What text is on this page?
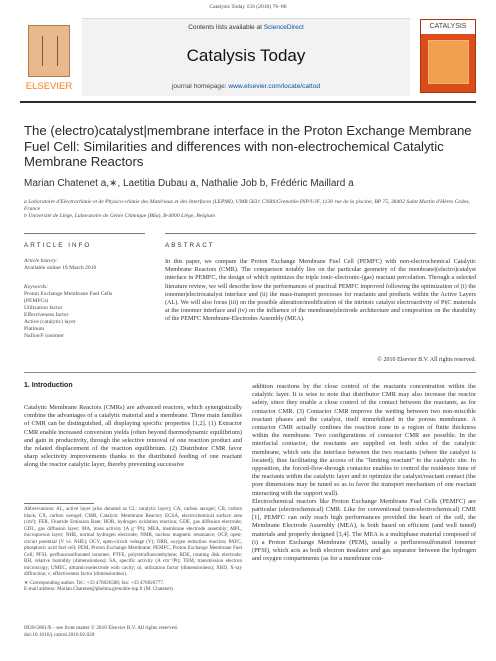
Catalysis Today 156 (2010) 76–86
ELSEVIER
Contents lists available at ScienceDirect
Catalysis Today
journal homepage: www.elsevier.com/locate/cattod
CATALYSIS
The (electro)catalyst|membrane interface in the Proton Exchange Membrane Fuel Cell: Similarities and differences with non-electrochemical Catalytic Membrane Reactors
Marian Chatenet a,∗, Laetitia Dubau a, Nathalie Job b, Frédéric Maillard a
a Laboratoire d'Electrochimie et de Physico-chimie des Matériaux et des Interfaces (LEPMI), UMR 5631 CNRS/Grenoble-INP/UJF, 1130 rue de la piscine, BP 75, 38402 Saint Martin d'Hères Cedex, France
b Université de Liège, Laboratoire de Génie Chimique (B6a), B-4000 Liège, Belgium
ARTICLE INFO	ABSTRACT
Article history:
Available online 19 March 2010
Keywords:
Proton Exchange Membrane Fuel Cells
(PEMFCs)
Utilization factor
Effectiveness factor
Active (catalytic) layer
Platinum
Nafion® ionomer
In this paper, we compare the Proton Exchange Membrane Fuel Cell (PEMFC) with non-electrochemical Catalytic Membrane Reactors (CMR). The comparison notably lies on the particular geometry of the membrane|(electro)catalyst interface in PEMFC, the design of which optimizes the triple ionic-electronic-(gas) reactant percolation. Through a selected literature review, we will describe how the performances of practical PEMFC improved following the optimization of (i) the ionomer|electrocatalyst interface and (ii) the mass-transport processes for reactants and products within the Active Layers (AL). We will also focus (iii) on the possible alteration/modification of the intrinsic catalyst electroactivity of Pt|C materials at the ionomer interface and (iv) on the influence of the membrane|electrode architecture and composition on the durability of the PEMFC Membrane-Electrodes Assembly (MEA).
© 2010 Elsevier B.V. All rights reserved.
1. Introduction
Catalytic Membrane Reactors (CMRs) are advanced reactors, which synergistically combine the advantages of a catalytic material and a membrane. Three main families of CMR can be distinguished, all displaying specific properties [1,2]. (1) Extractor CMR enable increased conversion yields (often beyond thermodynamic equilibrium) and gain in productivity, through the selective removal of one reaction product and the related displacement of the reaction equilibrium. (2) Distributor CMR favor sharp selectivity improvements thanks to the distributed feeding of one reactant along the reactor catalytic layer, thereby preventing successive
addition reactions by the close control of the reactants concentration within the catalytic layer. It is wise to note that distributor CMR may also increase the reactor safety, since they enable a close control of the contact between the reactants, as for contactor CMR. (3) Contactor CMR improve the wetting between two non-miscible reactant phases and the catalyst, itself immobilized in the porous membrane. A contactor CMR actually confines the reaction zone in a region of finite thickness within the membrane. Two configurations of contactor CMR are possible. In the interfacial contactor, the reactants are supplied on both sides of the catalytic membrane, which sets the interface between the two reactants (where the catalyst is located), thus facilitating the access of the "limiting reactant" to the catalytic site. In opposition, the forced-flow-through contactor enables to control the residence time of the reactants within the catalytic layer and to optimize the catalyst/reactant contact (the pore dimensions may be tuned so as to favor the transport mechanism of one reactant interacting with the support wall).
Electrochemical reactors like Proton Exchange Membrane Fuel Cells (PEMFC) are particular (electrochemical) CMR. Like for conventional (non-electrochemical) CMR [1], PEMFC can only reach high performances provided the heart of the cell, the Membrane Electrode Assembly (MEA), is both based on efficient (and well tuned) materials and properly designed [3,4]. The MEA is a multiphase material composed of (i) a Proton Exchange Membrane (PEM), usually a perfluorosulfonated ionomer (PFSI), which acts as both electron insulator and gas separator between the hydrogen and oxygen compartments (as for a membrane con-
Abbreviations: AL, active layer (also denoted as CL: catalytic layer); CA, carbon aerogel; CB, carbon black; CX, carbon xerogel; CMR, Catalytic Membrane Reactor; ECSA, electrochemical surface area (cm²); FER, Fluoride Emission Rate; HOR, hydrogen oxidation reaction; GDE, gas diffusion electrode; GDL, gas diffusion layer; MA, mass activity (A g⁻¹Pt); MEA, membrane electrode assembly; MPL, microporous layer; NHE, normal hydrogen electrode; NMR, nuclear magnetic resonance; OCP, open-circuit potential (V vs. NHE); OCV, open-circuit voltage (V); ORR, oxygen reduction reaction; PAFC, phosphoric acid fuel cell; PEM, Proton Exchange Membrane; PEMFC, Proton Exchange Membrane Fuel Cell; PFSI, perfluorosulfonated ionomer; PTFE, polytetrafluoroethylene; RDE, rotating disk electrode; RH, relative humidity (dimensionless); SA, specific activity (A cm⁻²Pt); TEM, transmission electron microscopy; UMEC, ultramicroelectrode with cavity; αi, utilization factor (dimensionless); XRD, X-ray diffraction; ε, effectiveness factor (dimensionless).
∗ Corresponding author. Tel.: +33 476826588; fax: +33 476826777.
E-mail address: Marian.Chatenet@phelma.grenoble-inp.fr (M. Chatenet).
0920-5861/$ – see front matter © 2010 Elsevier B.V. All rights reserved.
doi:10.1016/j.cattod.2010.02.028
